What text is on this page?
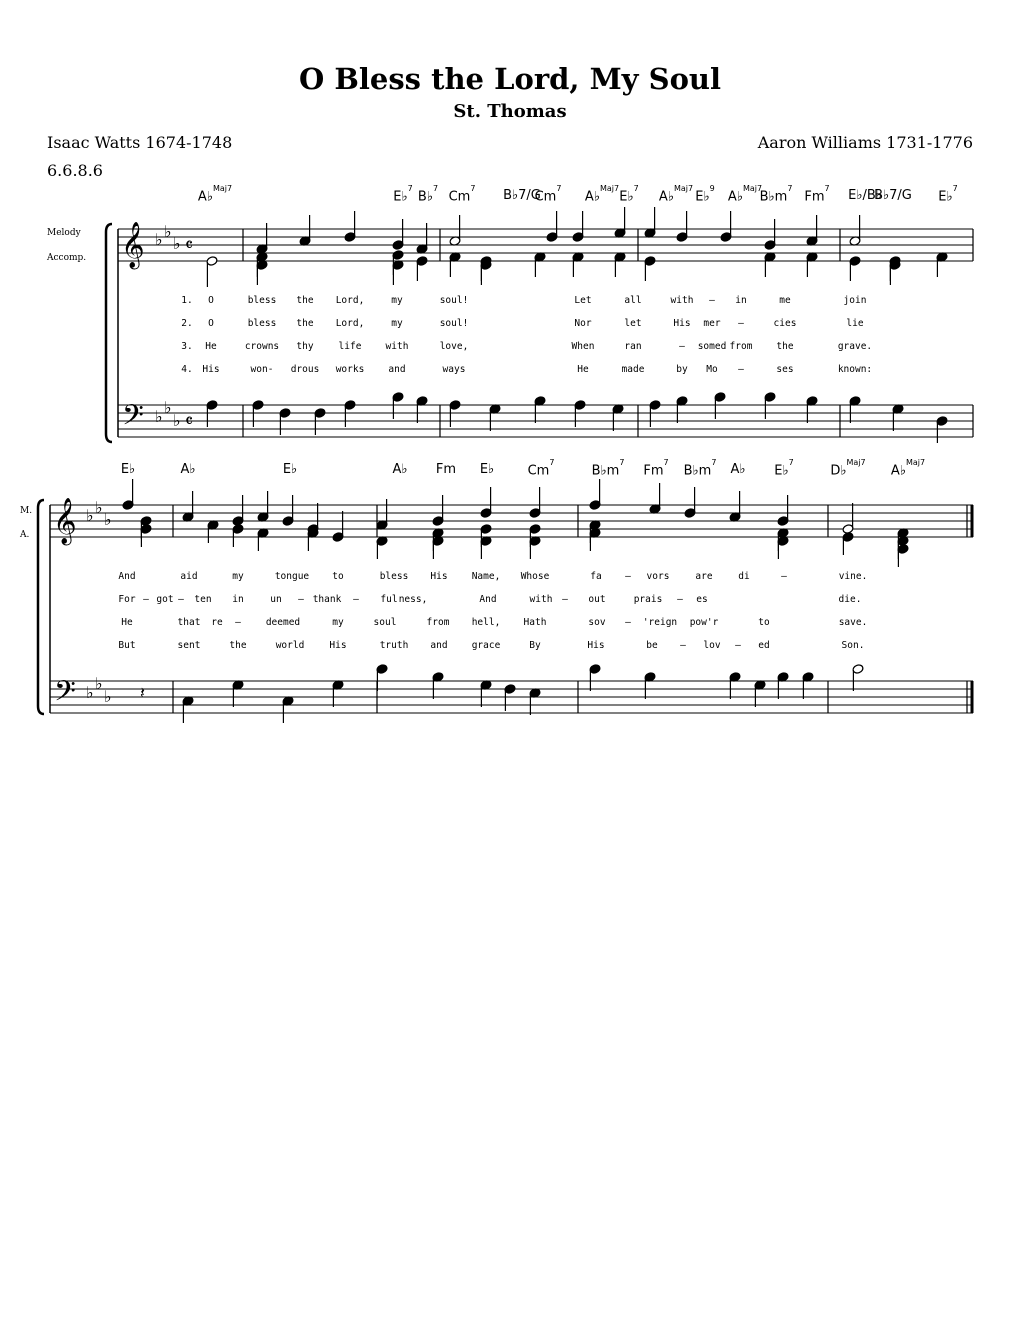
O Bless the Lord, My Soul
St. Thomas
Isaac Watts 1674-1748	Aaron Williams 1731-1776
6.6.8.6
Melody
Accomp.
M.
A.
𝄞
𝄢
♭ ♭
♭
♭ ♭
♭
𝄴
𝄴
𝄞
𝄢
♭ ♭
♭
♭ ♭
♭ 𝄽
A♭$^{Maj7}$
E♭$^7$
B♭$^7$
Cm$^7$ B♭7/G
Cm$^7$
A♭$^{Maj7}$
E♭$^7$
A♭$^{Maj7}$
E♭$^9$
A♭$^{Maj7}$
$B♭m^7$
Fm$^7$ E♭/B♭
B♭7/G E♭$^7$
1. O	bless the Lord,	my	soul!	Let	all	with – in	me	join
2. O	bless the Lord,	my	soul!	Nor	let	His mer –	cies	lie
3. He	crowns thy	life	with	love,	When	ran	– somed from	the	grave.
4. His	won- drous works	and	ways	He	made	by Mo –	ses	known:
E♭	A♭	E♭	A♭ Fm E♭	Cm$^7$
$B♭m^7$
Fm$^7$
$B♭m^7$ A♭ E♭$^7$
D♭$^{Maj7}$
A♭$^{Maj7}$
And	aid	my	tongue to	bless His	Name, Whose	fa – vors	are	di	–	vine.
For – got – ten in	un – thank – ful ness,	And	with – out	prais – es	die.
He	that re –	deemed	my	soul	from hell, Hath	sov – 'reign pow'r	to	save.
But	sent	the	world	His	truth and	grace	By	His	be – lov – ed	Son.
